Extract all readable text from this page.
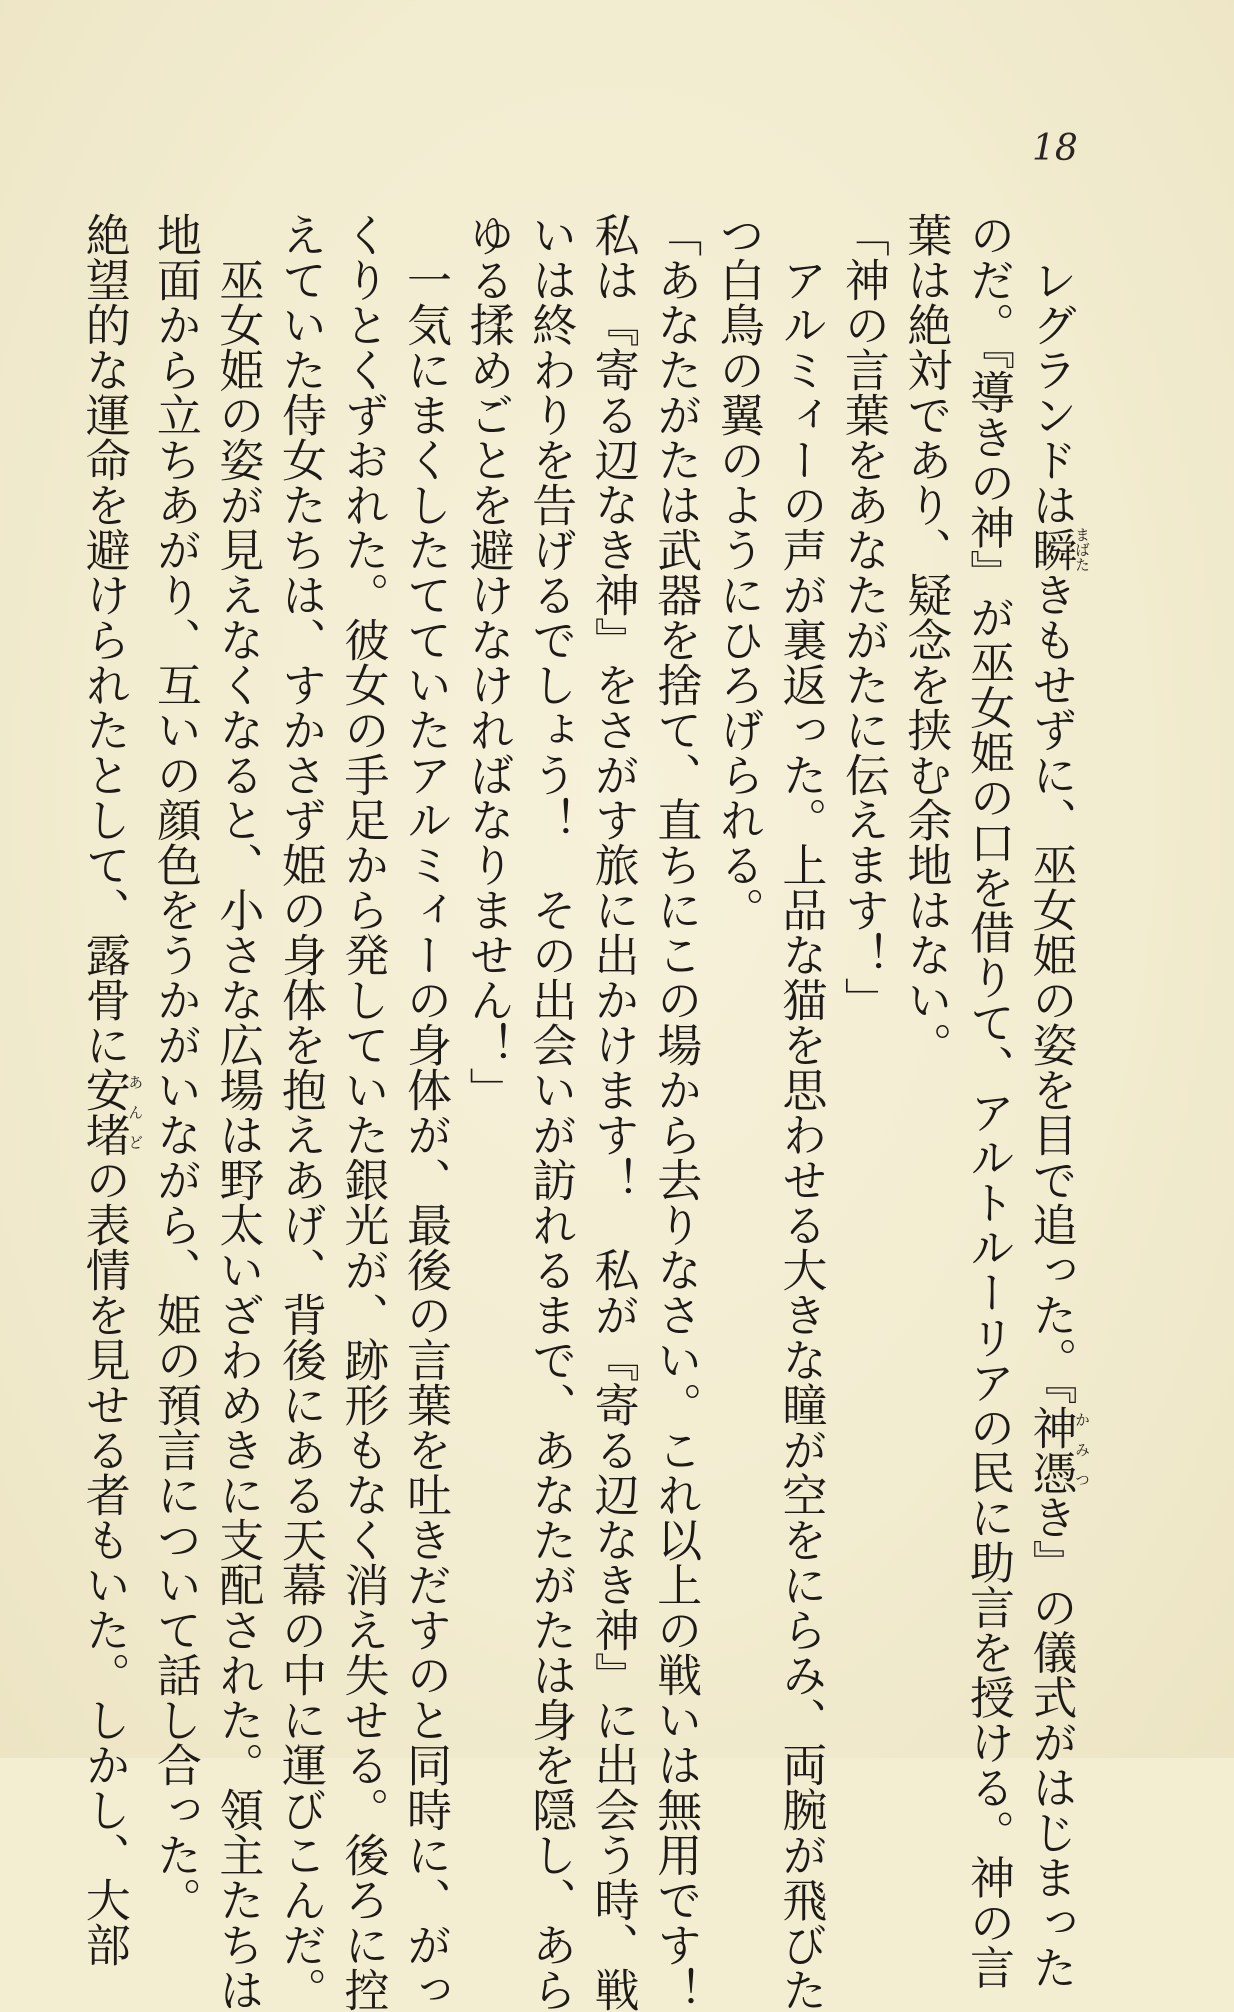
18
　レグランドは瞬まばたきもせずに、巫女姫の姿を目で追った。『神憑かみつき』の儀式がはじまった
のだ。『導きの神』が巫女姫の口を借りて、アルトルーリアの民に助言を授ける。神の言
葉は絶対であり、疑念を挟む余地はない。
「神の言葉をあなたがたに伝えます！」
　アルミィーの声が裏返った。上品な猫を思わせる大きな瞳が空をにらみ、両腕が飛びた
つ白鳥の翼のようにひろげられる。
「あなたがたは武器を捨て、直ちにこの場から去りなさい。これ以上の戦いは無用です！
私は『寄る辺なき神』をさがす旅に出かけます！　私が『寄る辺なき神』に出会う時、戦
いは終わりを告げるでしょう！　その出会いが訪れるまで、あなたがたは身を隠し、あら
ゆる揉めごとを避けなければなりません！」
　一気にまくしたてていたアルミィーの身体が、最後の言葉を吐きだすのと同時に、がっ
くりとくずおれた。彼女の手足から発していた銀光が、跡形もなく消え失せる。後ろに控
えていた侍女たちは、すかさず姫の身体を抱えあげ、背後にある天幕の中に運びこんだ。
　巫女姫の姿が見えなくなると、小さな広場は野太いざわめきに支配された。領主たちは
地面から立ちあがり、互いの顔色をうかがいながら、姫の預言について話し合った。
絶望的な運命を避けられたとして、露骨に安堵あんどの表情を見せる者もいた。しかし、大部
